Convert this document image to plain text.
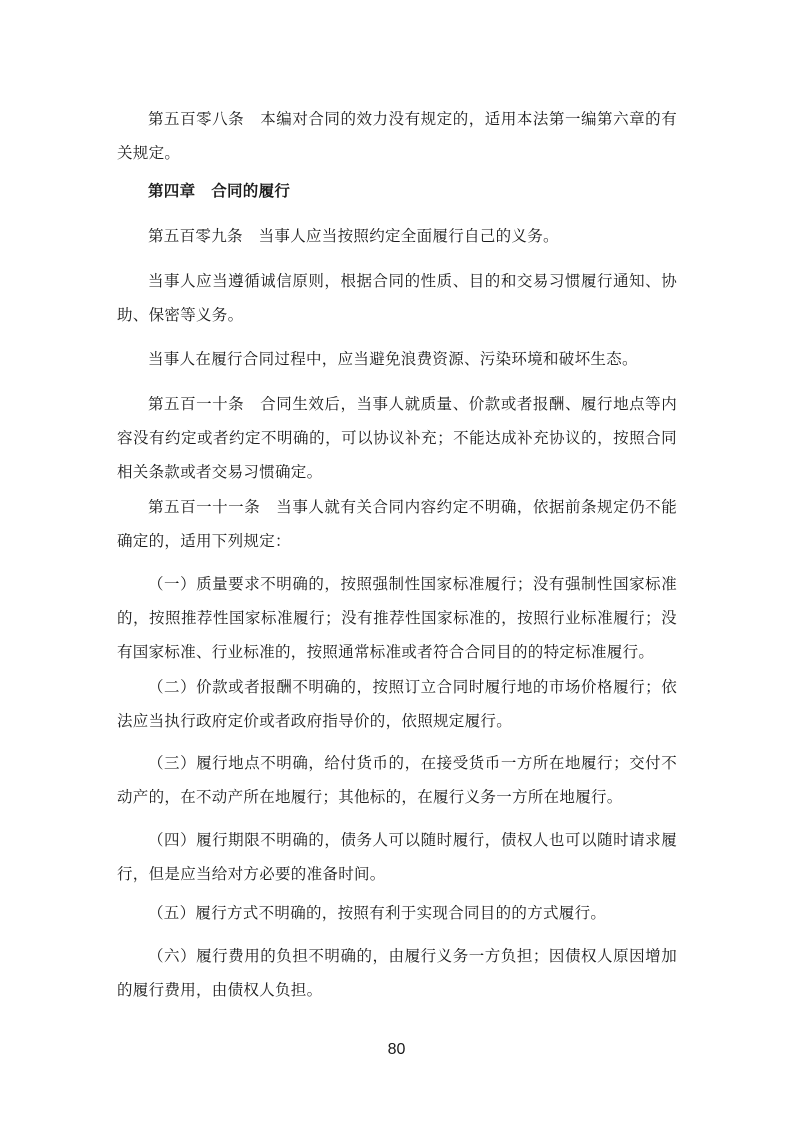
第五百零八条　本编对合同的效力没有规定的，适用本法第一编第六章的有关规定。

第四章　合同的履行

第五百零九条　当事人应当按照约定全面履行自己的义务。

当事人应当遵循诚信原则，根据合同的性质、目的和交易习惯履行通知、协助、保密等义务。

当事人在履行合同过程中，应当避免浪费资源、污染环境和破坏生态。

第五百一十条　合同生效后，当事人就质量、价款或者报酬、履行地点等内容没有约定或者约定不明确的，可以协议补充；不能达成补充协议的，按照合同相关条款或者交易习惯确定。

第五百一十一条　当事人就有关合同内容约定不明确，依据前条规定仍不能确定的，适用下列规定：

（一）质量要求不明确的，按照强制性国家标准履行；没有强制性国家标准的，按照推荐性国家标准履行；没有推荐性国家标准的，按照行业标准履行；没有国家标准、行业标准的，按照通常标准或者符合合同目的的特定标准履行。

（二）价款或者报酬不明确的，按照订立合同时履行地的市场价格履行；依法应当执行政府定价或者政府指导价的，依照规定履行。

（三）履行地点不明确，给付货币的，在接受货币一方所在地履行；交付不动产的，在不动产所在地履行；其他标的，在履行义务一方所在地履行。

（四）履行期限不明确的，债务人可以随时履行，债权人也可以随时请求履行，但是应当给对方必要的准备时间。

（五）履行方式不明确的，按照有利于实现合同目的的方式履行。

（六）履行费用的负担不明确的，由履行义务一方负担；因债权人原因增加的履行费用，由债权人负担。

80
